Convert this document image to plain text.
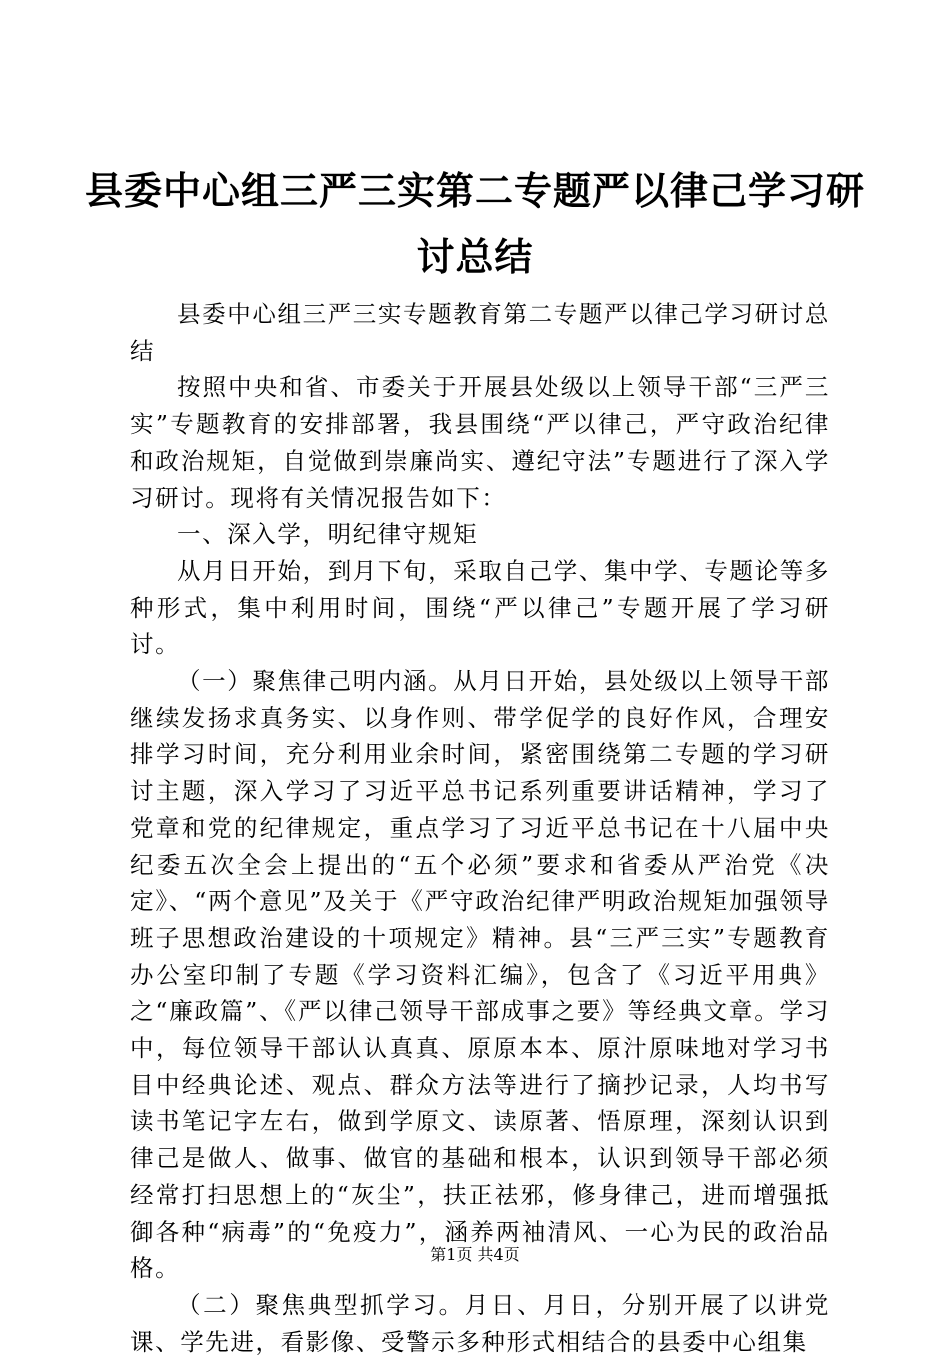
县委中心组三严三实第二专题严以律己学习研讨总结

县委中心组三严三实专题教育第二专题严以律己学习研讨总结

按照中央和省、市委关于开展县处级以上领导干部“三严三实”专题教育的安排部署，我县围绕“严以律己，严守政治纪律和政治规矩，自觉做到崇廉尚实、遵纪守法”专题进行了深入学习研讨。现将有关情况报告如下：

一、深入学，明纪律守规矩

从月日开始，到月下旬，采取自己学、集中学、专题论等多种形式，集中利用时间，围绕“严以律己”专题开展了学习研讨。

（一）聚焦律己明内涵。从月日开始，县处级以上领导干部继续发扬求真务实、以身作则、带学促学的良好作风，合理安排学习时间，充分利用业余时间，紧密围绕第二专题的学习研讨主题，深入学习了习近平总书记系列重要讲话精神，学习了党章和党的纪律规定，重点学习了习近平总书记在十八届中央纪委五次全会上提出的“五个必须”要求和省委从严治党《决定》、“两个意见”及关于《严守政治纪律严明政治规矩加强领导班子思想政治建设的十项规定》精神。县“三严三实”专题教育办公室印制了专题《学习资料汇编》，包含了《习近平用典》之“廉政篇”、《严以律己领导干部成事之要》等经典文章。学习中，每位领导干部认认真真、原原本本、原汁原味地对学习书目中经典论述、观点、群众方法等进行了摘抄记录，人均书写读书笔记字左右，做到学原文、读原著、悟原理，深刻认识到律己是做人、做事、做官的基础和根本，认识到领导干部必须经常打扫思想上的“灰尘”，扶正祛邪，修身律己，进而增强抵御各种“病毒”的“免疫力”，涵养两袖清风、一心为民的政治品格。

（二）聚焦典型抓学习。月日、月日，分别开展了以讲党课、学先进，看影像、受警示多种形式相结合的县委中心组集

第1页 共4页
